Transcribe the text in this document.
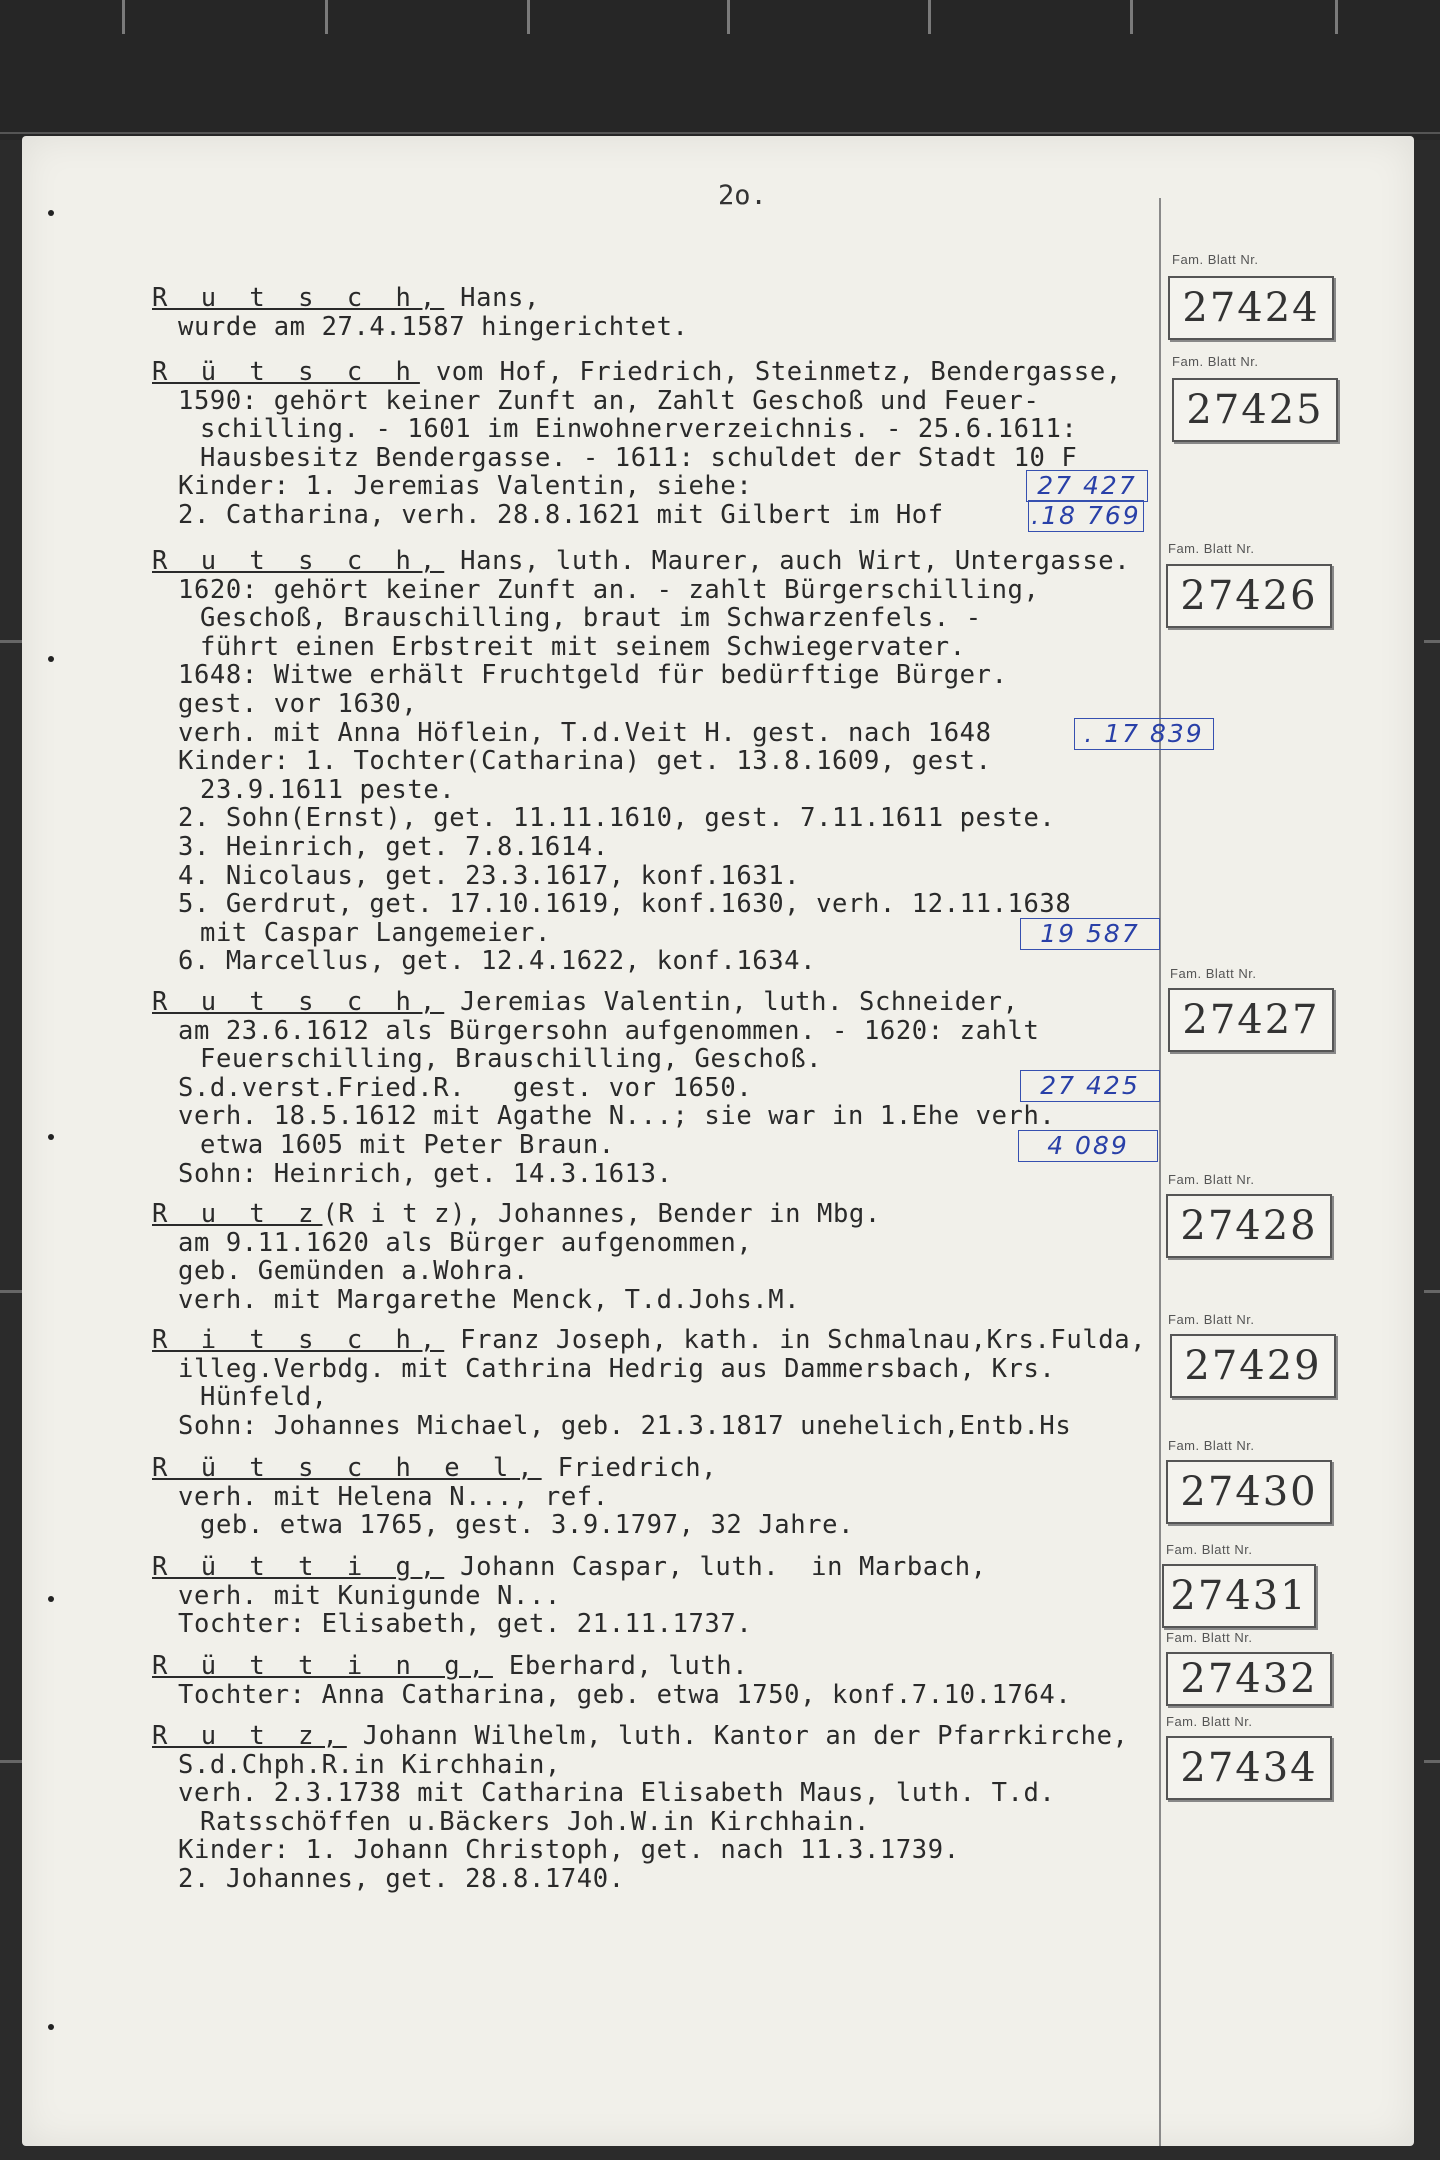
2o.
R u t s c h, Hans,
wurde am 27.4.1587 hingerichtet.
R ü t s c h vom Hof, Friedrich, Steinmetz, Bendergasse,
1590: gehört keiner Zunft an, Zahlt Geschoß und Feuer-
schilling. - 1601 im Einwohnerverzeichnis. - 25.6.1611:
Hausbesitz Bendergasse. - 1611: schuldet der Stadt 10 F
Kinder: 1. Jeremias Valentin, siehe:
2. Catharina, verh. 28.8.1621 mit Gilbert im Hof
R u t s c h, Hans, luth. Maurer, auch Wirt, Untergasse.
1620: gehört keiner Zunft an. - zahlt Bürgerschilling,
Geschoß, Brauschilling, braut im Schwarzenfels. -
führt einen Erbstreit mit seinem Schwiegervater.
1648: Witwe erhält Fruchtgeld für bedürftige Bürger.
gest. vor 1630,
verh. mit Anna Höflein, T.d.Veit H. gest. nach 1648
Kinder: 1. Tochter(Catharina) get. 13.8.1609, gest.
23.9.1611 peste.
2. Sohn(Ernst), get. 11.11.1610, gest. 7.11.1611 peste.
3. Heinrich, get. 7.8.1614.
4. Nicolaus, get. 23.3.1617, konf.1631.
5. Gerdrut, get. 17.10.1619, konf.1630, verh. 12.11.1638
mit Caspar Langemeier.
6. Marcellus, get. 12.4.1622, konf.1634.
R u t s c h, Jeremias Valentin, luth. Schneider,
am 23.6.1612 als Bürgersohn aufgenommen. - 1620: zahlt
Feuerschilling, Brauschilling, Geschoß.
S.d.verst.Fried.R.   gest. vor 1650.
verh. 18.5.1612 mit Agathe N...; sie war in 1.Ehe verh.
etwa 1605 mit Peter Braun.
Sohn: Heinrich, get. 14.3.1613.
R u t z(R i t z), Johannes, Bender in Mbg.
am 9.11.1620 als Bürger aufgenommen,
geb. Gemünden a.Wohra.
verh. mit Margarethe Menck, T.d.Johs.M.
R i t s c h, Franz Joseph, kath. in Schmalnau,Krs.Fulda,
illeg.Verbdg. mit Cathrina Hedrig aus Dammersbach, Krs.
Hünfeld,
Sohn: Johannes Michael, geb. 21.3.1817 unehelich,Entb.Hs
R ü t s c h e l, Friedrich,
verh. mit Helena N..., ref.
geb. etwa 1765, gest. 3.9.1797, 32 Jahre.
R ü t t i g, Johann Caspar, luth.  in Marbach,
verh. mit Kunigunde N...
Tochter: Elisabeth, get. 21.11.1737.
R ü t t i n g, Eberhard, luth.
Tochter: Anna Catharina, geb. etwa 1750, konf.7.10.1764.
R u t z, Johann Wilhelm, luth. Kantor an der Pfarrkirche,
S.d.Chph.R.in Kirchhain,
verh. 2.3.1738 mit Catharina Elisabeth Maus, luth. T.d.
Ratsschöffen u.Bäckers Joh.W.in Kirchhain.
Kinder: 1. Johann Christoph, get. nach 11.3.1739.
2. Johannes, get. 28.8.1740.
Fam. Blatt Nr.
27424
Fam. Blatt Nr.
27425
Fam. Blatt Nr.
27426
Fam. Blatt Nr.
27427
Fam. Blatt Nr.
27428
Fam. Blatt Nr.
27429
Fam. Blatt Nr.
27430
Fam. Blatt Nr.
27431
Fam. Blatt Nr.
27432
Fam. Blatt Nr.
27434
27 427
.18 769
. 17 839
19 587
27 425
4 089
